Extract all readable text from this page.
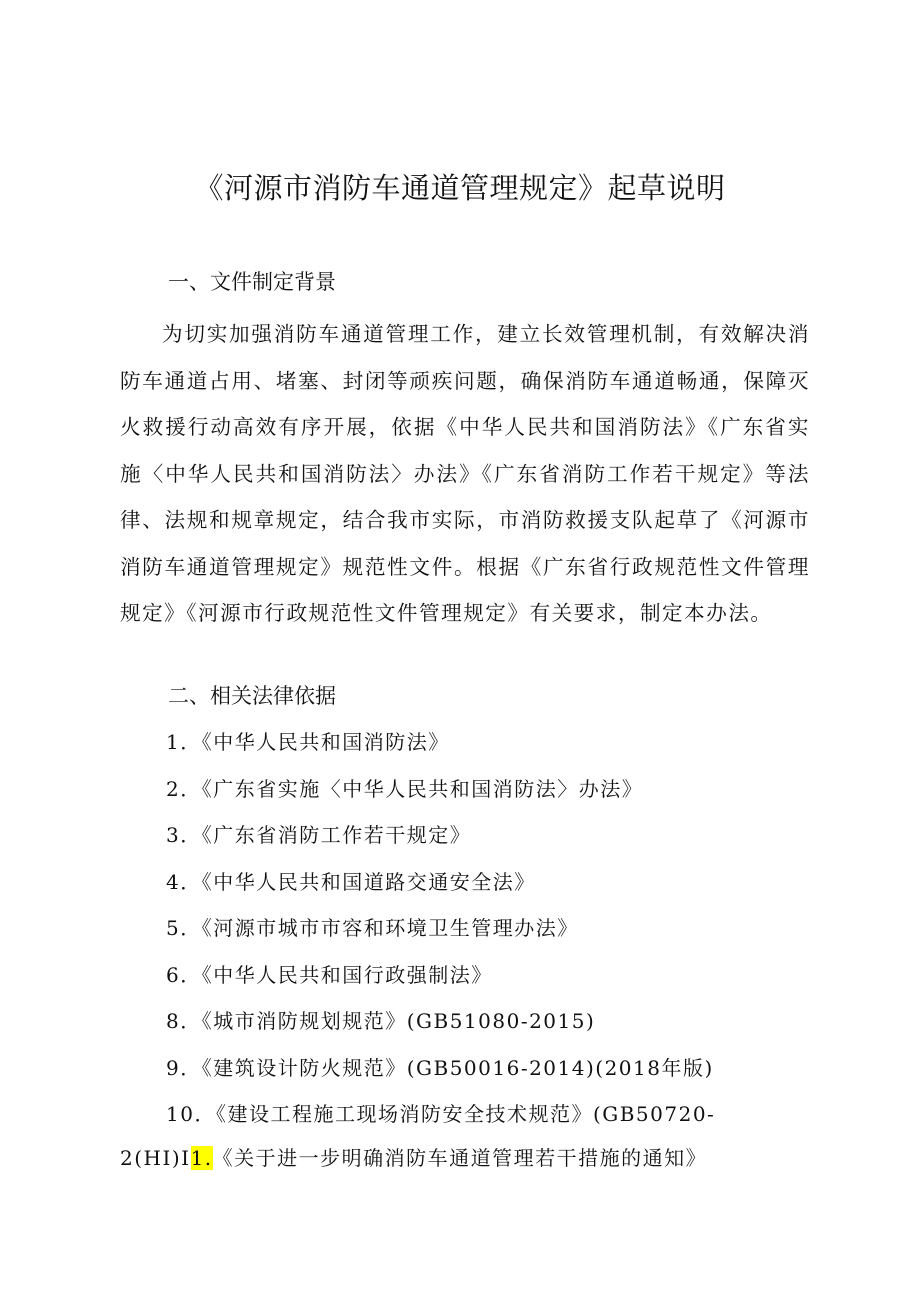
《河源市消防车通道管理规定》起草说明
一、文件制定背景

为切实加强消防车通道管理工作，建立长效管理机制，有效解决消防车通道占用、堵塞、封闭等顽疾问题，确保消防车通道畅通，保障灭火救援行动高效有序开展，依据《中华人民共和国消防法》《广东省实施〈中华人民共和国消防法〉办法》《广东省消防工作若干规定》等法律、法规和规章规定，结合我市实际，市消防救援支队起草了《河源市消防车通道管理规定》规范性文件。根据《广东省行政规范性文件管理规定》《河源市行政规范性文件管理规定》有关要求，制定本办法。

二、相关法律依据
1．《中华人民共和国消防法》
2．《广东省实施〈中华人民共和国消防法〉办法》
3．《广东省消防工作若干规定》
4．《中华人民共和国道路交通安全法》
5．《河源市城市市容和环境卫生管理办法》
6．《中华人民共和国行政强制法》
8．《城市消防规划规范》(GB51080-2015)
9．《建筑设计防火规范》(GB50016-2014)(2018年版)
10．《建设工程施工现场消防安全技术规范》(GB50720-
2(HI)I1.《关于进一步明确消防车通道管理若干措施的通知》
